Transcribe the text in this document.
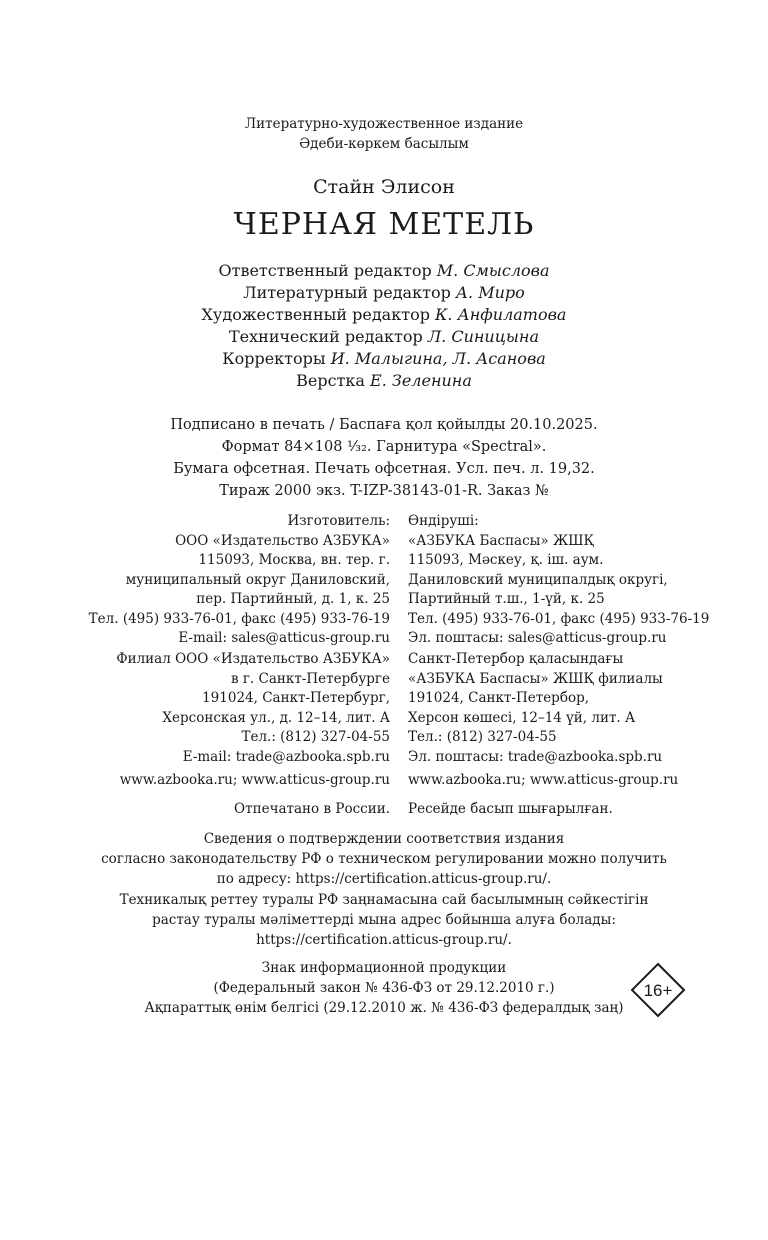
Литературно-художественное издание
Әдеби-көркем басылым
Стайн Элисон
ЧЕРНАЯ МЕТЕЛЬ
Ответственный редактор М. Смыслова
Литературный редактор А. Миро
Художественный редактор К. Анфилатова
Технический редактор Л. Синицына
Корректоры И. Малыгина, Л. Асанова
Верстка Е. Зеленина
Подписано в печать / Баспаға қол қойылды 20.10.2025.
Формат 84×108 ¹⁄₃₂. Гарнитура «Spectral».
Бумага офсетная. Печать офсетная. Усл. печ. л. 19,32.
Тираж 2000 экз. T-IZP-38143-01-R. Заказ №
Изготовитель:
ООО «Издательство АЗБУКА»
115093, Москва, вн. тер. г.
муниципальный округ Даниловский,
пер. Партийный, д. 1, к. 25
Тел. (495) 933-76-01, факс (495) 933-76-19
E-mail: sales@atticus-group.ru
Өндіруші:
«АЗБУКА Баспасы» ЖШҚ
115093, Мәскеу, қ. іш. аум.
Даниловский муниципалдық округі,
Партийный т.ш., 1-үй, к. 25
Тел. (495) 933-76-01, факс (495) 933-76-19
Эл. поштасы: sales@atticus-group.ru
Филиал ООО «Издательство АЗБУКА»
в г. Санкт-Петербурге
191024, Санкт-Петербург,
Херсонская ул., д. 12–14, лит. А
Тел.: (812) 327-04-55
E-mail: trade@azbooka.spb.ru
Санкт-Петербор қаласындағы
«АЗБУКА Баспасы» ЖШҚ филиалы
191024, Санкт-Петербор,
Херсон көшесі, 12–14 үй, лит. А
Тел.: (812) 327-04-55
Эл. поштасы: trade@azbooka.spb.ru
www.azbooka.ru; www.atticus-group.ru www.azbooka.ru; www.atticus-group.ru
Отпечатано в России. Ресейде басып шығарылған.
Сведения о подтверждении соответствия издания
согласно законодательству РФ о техническом регулировании можно получить
по адресу: https://certification.atticus-group.ru/.
Техникалық реттеу туралы РФ заңнамасына сай басылымның сәйкестігін
растау туралы мәліметтерді мына адрес бойынша алуға болады:
https://certification.atticus-group.ru/.
Знак информационной продукции
(Федеральный закон № 436-ФЗ от 29.12.2010 г.)
Ақпараттық өнім белгісі (29.12.2010 ж. № 436-ФЗ федералдық заң)
16+
